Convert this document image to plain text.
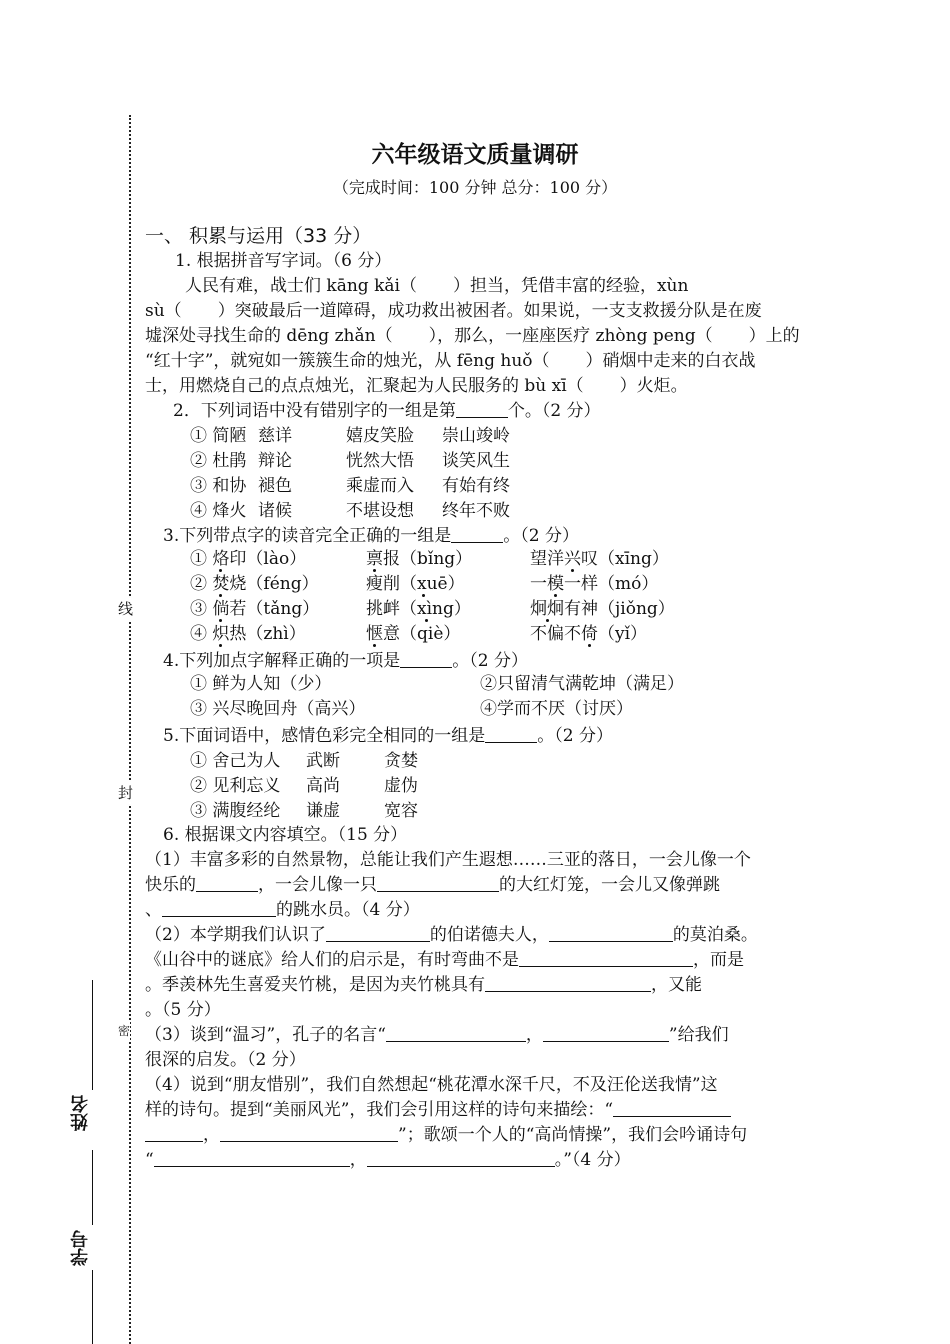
线
封
密
姓名
学号
六年级语文质量调研
（完成时间：100 分钟 总分：100 分）
一、 积累与运用（33 分）
1. 根据拼音写字词。（6 分）
人民有难，战士们 kāng kǎi（ ）担当，凭借丰富的经验，xùn
sù（ ）突破最后一道障碍，成功救出被困者。如果说，一支支救援分队是在废
墟深处寻找生命的 dēng zhǎn（ ），那么，一座座医疗 zhòng peng（ ）上的
“红十字”，就宛如一簇簇生命的烛光，从 fēng huǒ（ ）硝烟中走来的白衣战
士，用燃烧自己的点点烛光，汇聚起为人民服务的 bù xī（ ）火炬。
2．下列词语中没有错别字的一组是第	个。（2 分）
① 简陋 慈详	嬉皮笑脸 崇山竣岭
② 杜鹃 辩论	恍然大悟 谈笑风生
③ 和协 褪色	乘虚而入 有始有终
④ 烽火 诸候	不堪设想 终年不败
3.下列带点字的读音完全正确的一组是	。（2 分）
① 烙印（lào）	禀报（bǐng）	望洋兴叹（xīng）
② 焚烧（féng）	瘦削（xuē）	一模一样（mó）
③ 倘若（tǎng）	挑衅（xìng）	炯炯有神（jiǒng）
④ 炽热（zhì）	惬意（qiè）	不偏不倚（yǐ）
4.下列加点字解释正确的一项是	。（2 分）
① 鲜为人知（少）	②只留清气满乾坤（满足）
③ 兴尽晚回舟（高兴）	④学而不厌（讨厌）
5.下面词语中，感情色彩完全相同的一组是	。（2 分）
① 舍己为人 武断	贪婪
② 见利忘义 高尚	虚伪
③ 满腹经纶 谦虚	宽容
6. 根据课文内容填空。（15 分）
（1）丰富多彩的自然景物，总能让我们产生遐想……三亚的落日，一会儿像一个
快乐的	，一会儿像一只	的大红灯笼，一会儿又像弹跳
、	的跳水员。（4 分）
（2）本学期我们认识了	的伯诺德夫人，	的莫泊桑。
《山谷中的谜底》给人们的启示是，有时弯曲不是	，而是
。季羡林先生喜爱夹竹桃，是因为夹竹桃具有	，又能
。（5 分）
（3）谈到“温习”，孔子的名言“	，	”给我们
很深的启发。（2 分）
（4）说到“朋友惜别”，我们自然想起“桃花潭水深千尺，不及汪伦送我情”这
样的诗句。提到“美丽风光”，我们会引用这样的诗句来描绘：“
，	”；歌颂一个人的“高尚情操”，我们会吟诵诗句
“	，	。”（4 分）
